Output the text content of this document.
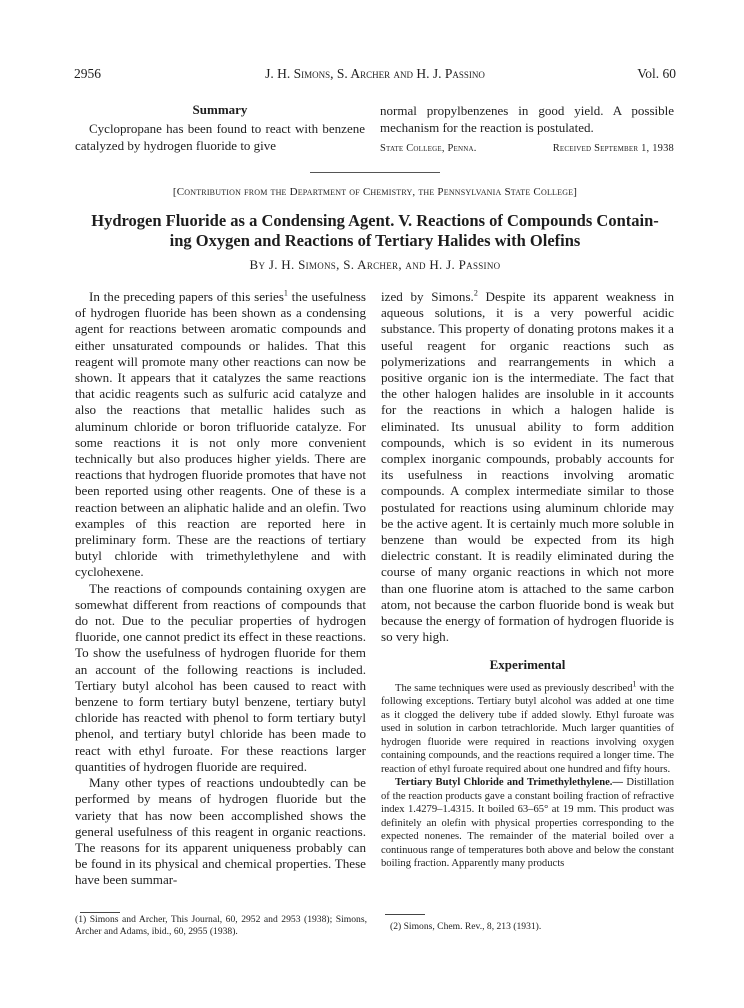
2956	J. H. Simons, S. Archer and H. J. Passino	Vol. 60
Summary
Cyclopropane has been found to react with benzene catalyzed by hydrogen fluoride to give
normal propylbenzenes in good yield. A possible mechanism for the reaction is postulated.
State College, Penna.	Received September 1, 1938
[Contribution from the Department of Chemistry, the Pennsylvania State College]
Hydrogen Fluoride as a Condensing Agent. V. Reactions of Compounds Contain-
ing Oxygen and Reactions of Tertiary Halides with Olefins
By J. H. Simons, S. Archer, and H. J. Passino

In the preceding papers of this series$^1$ the usefulness of hydrogen fluoride has been shown as a condensing agent for reactions between aromatic compounds and either unsaturated compounds or halides. That this reagent will promote many other reactions can now be shown. It appears that it catalyzes the same reactions that acidic reagents such as sulfuric acid catalyze and also the reactions that metallic halides such as aluminum chloride or boron trifluoride catalyze. For some reactions it is not only more convenient technically but also produces higher yields. There are reactions that hydrogen fluoride promotes that have not been reported using other reagents. One of these is a reaction between an aliphatic halide and an olefin. Two examples of this reaction are reported here in preliminary form. These are the reactions of tertiary butyl chloride with trimethylethylene and with cyclohexene.

The reactions of compounds containing oxygen are somewhat different from reactions of compounds that do not. Due to the peculiar properties of hydrogen fluoride, one cannot predict its effect in these reactions. To show the usefulness of hydrogen fluoride for them an account of the following reactions is included. Tertiary butyl alcohol has been caused to react with benzene to form tertiary butyl benzene, tertiary butyl chloride has reacted with phenol to form tertiary butyl phenol, and tertiary butyl chloride has been made to react with ethyl furoate. For these reactions larger quantities of hydrogen fluoride are required.

Many other types of reactions undoubtedly can be performed by means of hydrogen fluoride but the variety that has now been accomplished shows the general usefulness of this reagent in organic reactions. The reasons for its apparent uniqueness probably can be found in its physical and chemical properties. These have been summar-

ized by Simons.$^2$ Despite its apparent weakness in aqueous solutions, it is a very powerful acidic substance. This property of donating protons makes it a useful reagent for organic reactions such as polymerizations and rearrangements in which a positive organic ion is the intermediate. The fact that the other halogen halides are insoluble in it accounts for the reactions in which a halogen halide is eliminated. Its unusual ability to form addition compounds, which is so evident in its numerous complex inorganic compounds, probably accounts for its usefulness in reactions involving aromatic compounds. A complex intermediate similar to those postulated for reactions using aluminum chloride may be the active agent. It is certainly much more soluble in benzene than would be expected from its high dielectric constant. It is readily eliminated during the course of many organic reactions in which not more than one fluorine atom is attached to the same carbon atom, not because the carbon fluoride bond is weak but because the energy of formation of hydrogen fluoride is so very high.

Experimental

The same techniques were used as previously described$^1$ with the following exceptions. Tertiary butyl alcohol was added at one time as it clogged the delivery tube if added slowly. Ethyl furoate was used in solution in carbon tetrachloride. Much larger quantities of hydrogen fluoride were required in reactions involving oxygen containing compounds, and the reactions required a longer time. The reaction of ethyl furoate required about one hundred and fifty hours.

Tertiary Butyl Chloride and Trimethylethylene.— Distillation of the reaction products gave a constant boiling fraction of refractive index 1.4279–1.4315. It boiled 63–65° at 19 mm. This product was definitely an olefin with physical properties corresponding to the expected nonenes. The remainder of the material boiled over a continuous range of temperatures both above and below the constant boiling fraction. Apparently many products

(1) Simons and Archer, This Journal, 60, 2952 and 2953 (1938); Simons, Archer and Adams, ibid., 60, 2955 (1938).	(2) Simons, Chem. Rev., 8, 213 (1931).
